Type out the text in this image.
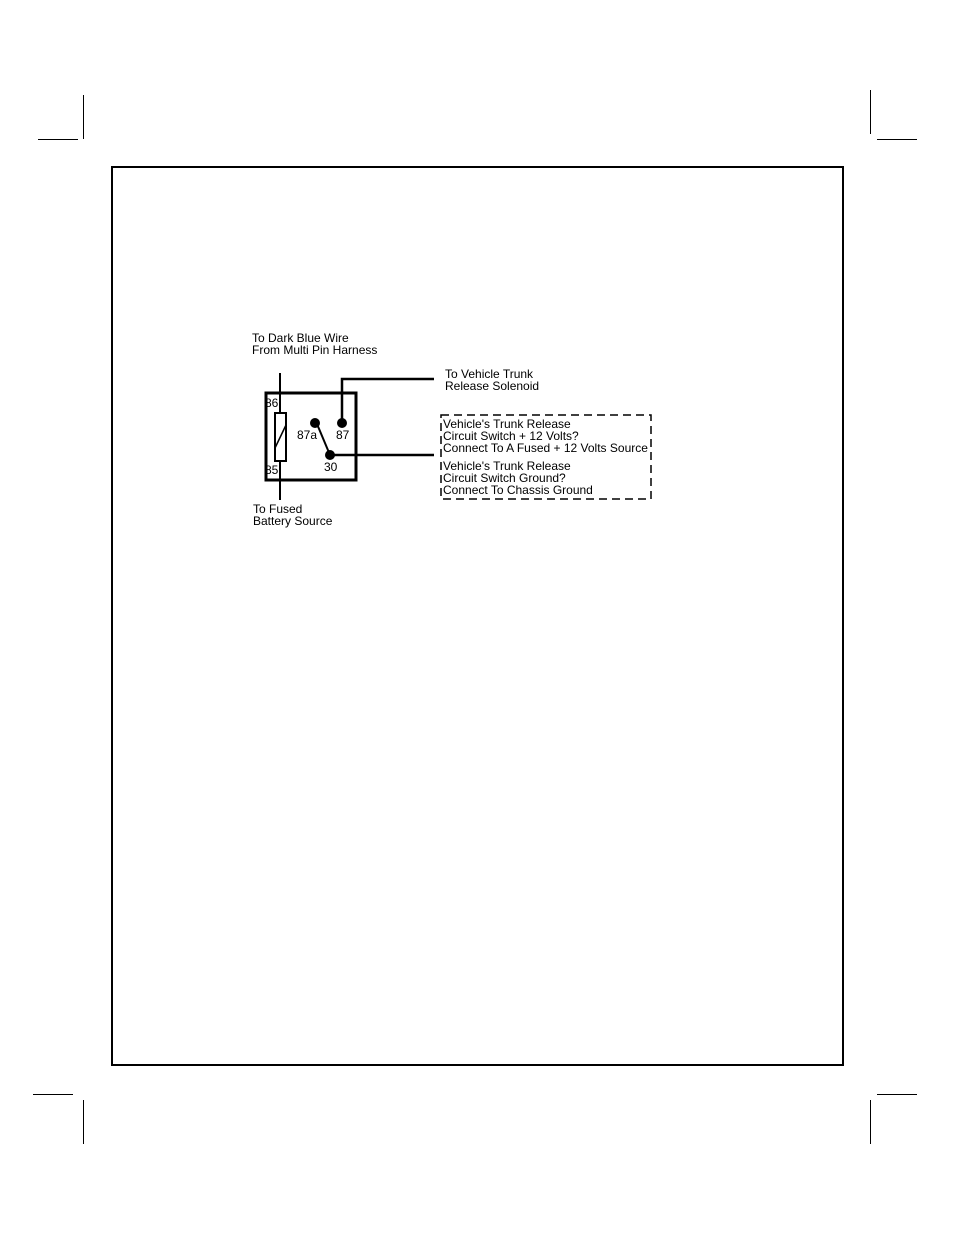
To Dark Blue Wire
From Multi Pin Harness
86
85
87a 87
30
To Vehicle Trunk
Release Solenoid
Vehicle's Trunk Release
Circuit Switch + 12 Volts?
Connect To A Fused + 12 Volts Source
Vehicle's Trunk Release
Circuit Switch Ground?
Connect To Chassis Ground
To Fused
Battery Source
